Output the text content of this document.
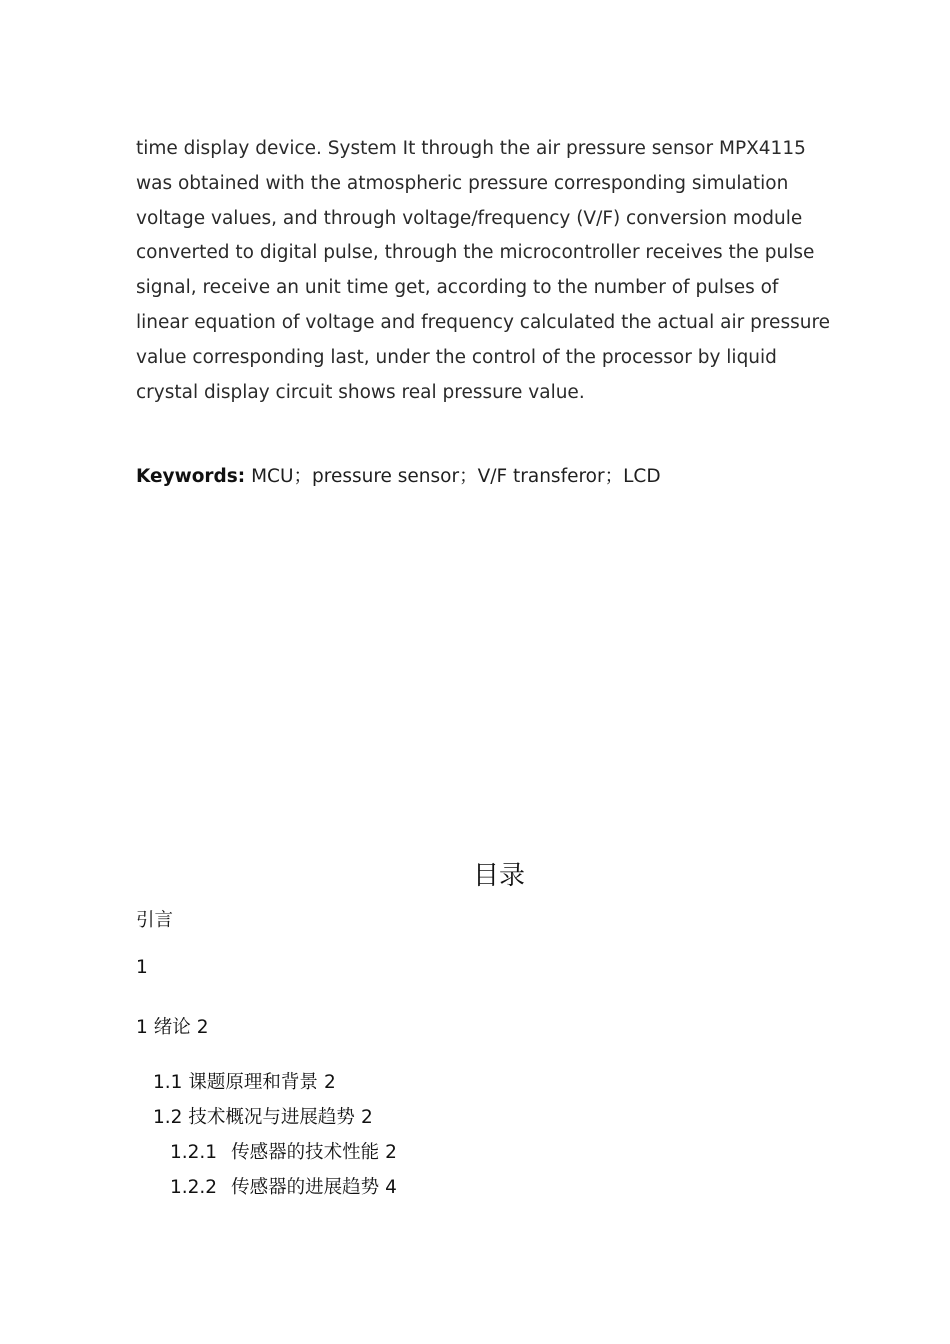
time display device. System It through the air pressure sensor MPX4115
was obtained with the atmospheric pressure corresponding simulation
voltage values, and through voltage/frequency (V/F) conversion module
converted to digital pulse, through the microcontroller receives the pulse
signal, receive an unit time get, according to the number of pulses of
linear equation of voltage and frequency calculated the actual air pressure
value corresponding last, under the control of the processor by liquid
crystal display circuit shows real pressure value.
Keywords: MCU；pressure sensor；V/F transferor；LCD
目录
引言
1
1 绪论 2
1.1 课题原理和背景 2
1.2 技术概况与进展趋势 2
1.2.1 传感器的技术性能 2
1.2.2 传感器的进展趋势 4
